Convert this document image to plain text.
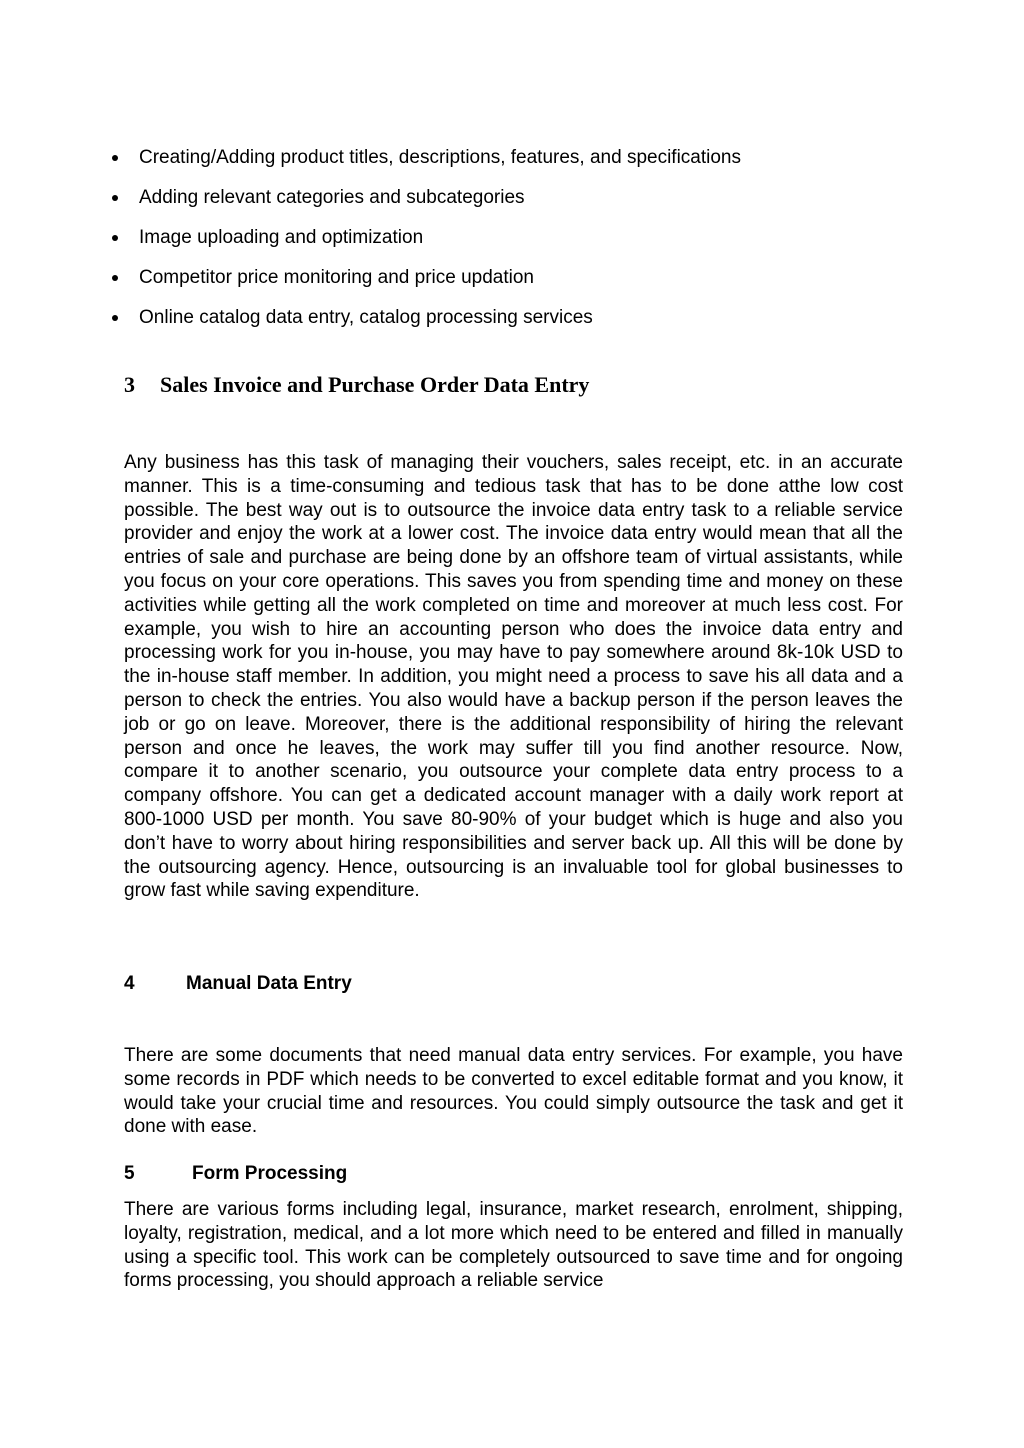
Creating/Adding product titles, descriptions, features, and specifications
Adding relevant categories and subcategories
Image uploading and optimization
Competitor price monitoring and price updation
Online catalog data entry, catalog processing services
3 Sales Invoice and Purchase Order Data Entry

Any business has this task of managing their vouchers, sales receipt, etc. in an accurate manner. This is a time-consuming and tedious task that has to be done atthe low cost possible. The best way out is to outsource the invoice data entry task to a reliable service provider and enjoy the work at a lower cost. The invoice data entry would mean that all the entries of sale and purchase are being done by an offshore team of virtual assistants, while you focus on your core operations. This saves you from spending time and money on these activities while getting all the work completed on time and moreover at much less cost. For example, you wish to hire an accounting person who does the invoice data entry and processing work for you in-house, you may have to pay somewhere around 8k-10k USD to the in-house staff member. In addition, you might need a process to save his all data and a person to check the entries. You also would have a backup person if the person leaves the job or go on leave. Moreover, there is the additional responsibility of hiring the relevant person and once he leaves, the work may suffer till you find another resource. Now, compare it to another scenario, you outsource your complete data entry process to a company offshore. You can get a dedicated account manager with a daily work report at 800-1000 USD per month. You save 80-90% of your budget which is huge and also you don’t have to worry about hiring responsibilities and server back up. All this will be done by the outsourcing agency. Hence, outsourcing is an invaluable tool for global businesses to grow fast while saving expenditure.

4	Manual Data Entry

There are some documents that need manual data entry services. For example, you have some records in PDF which needs to be converted to excel editable format and you know, it would take your crucial time and resources. You could simply outsource the task and get it done with ease.

5	Form Processing

There are various forms including legal, insurance, market research, enrolment, shipping, loyalty, registration, medical, and a lot more which need to be entered and filled in manually using a specific tool. This work can be completely outsourced to save time and for ongoing forms processing, you should approach a reliable service
